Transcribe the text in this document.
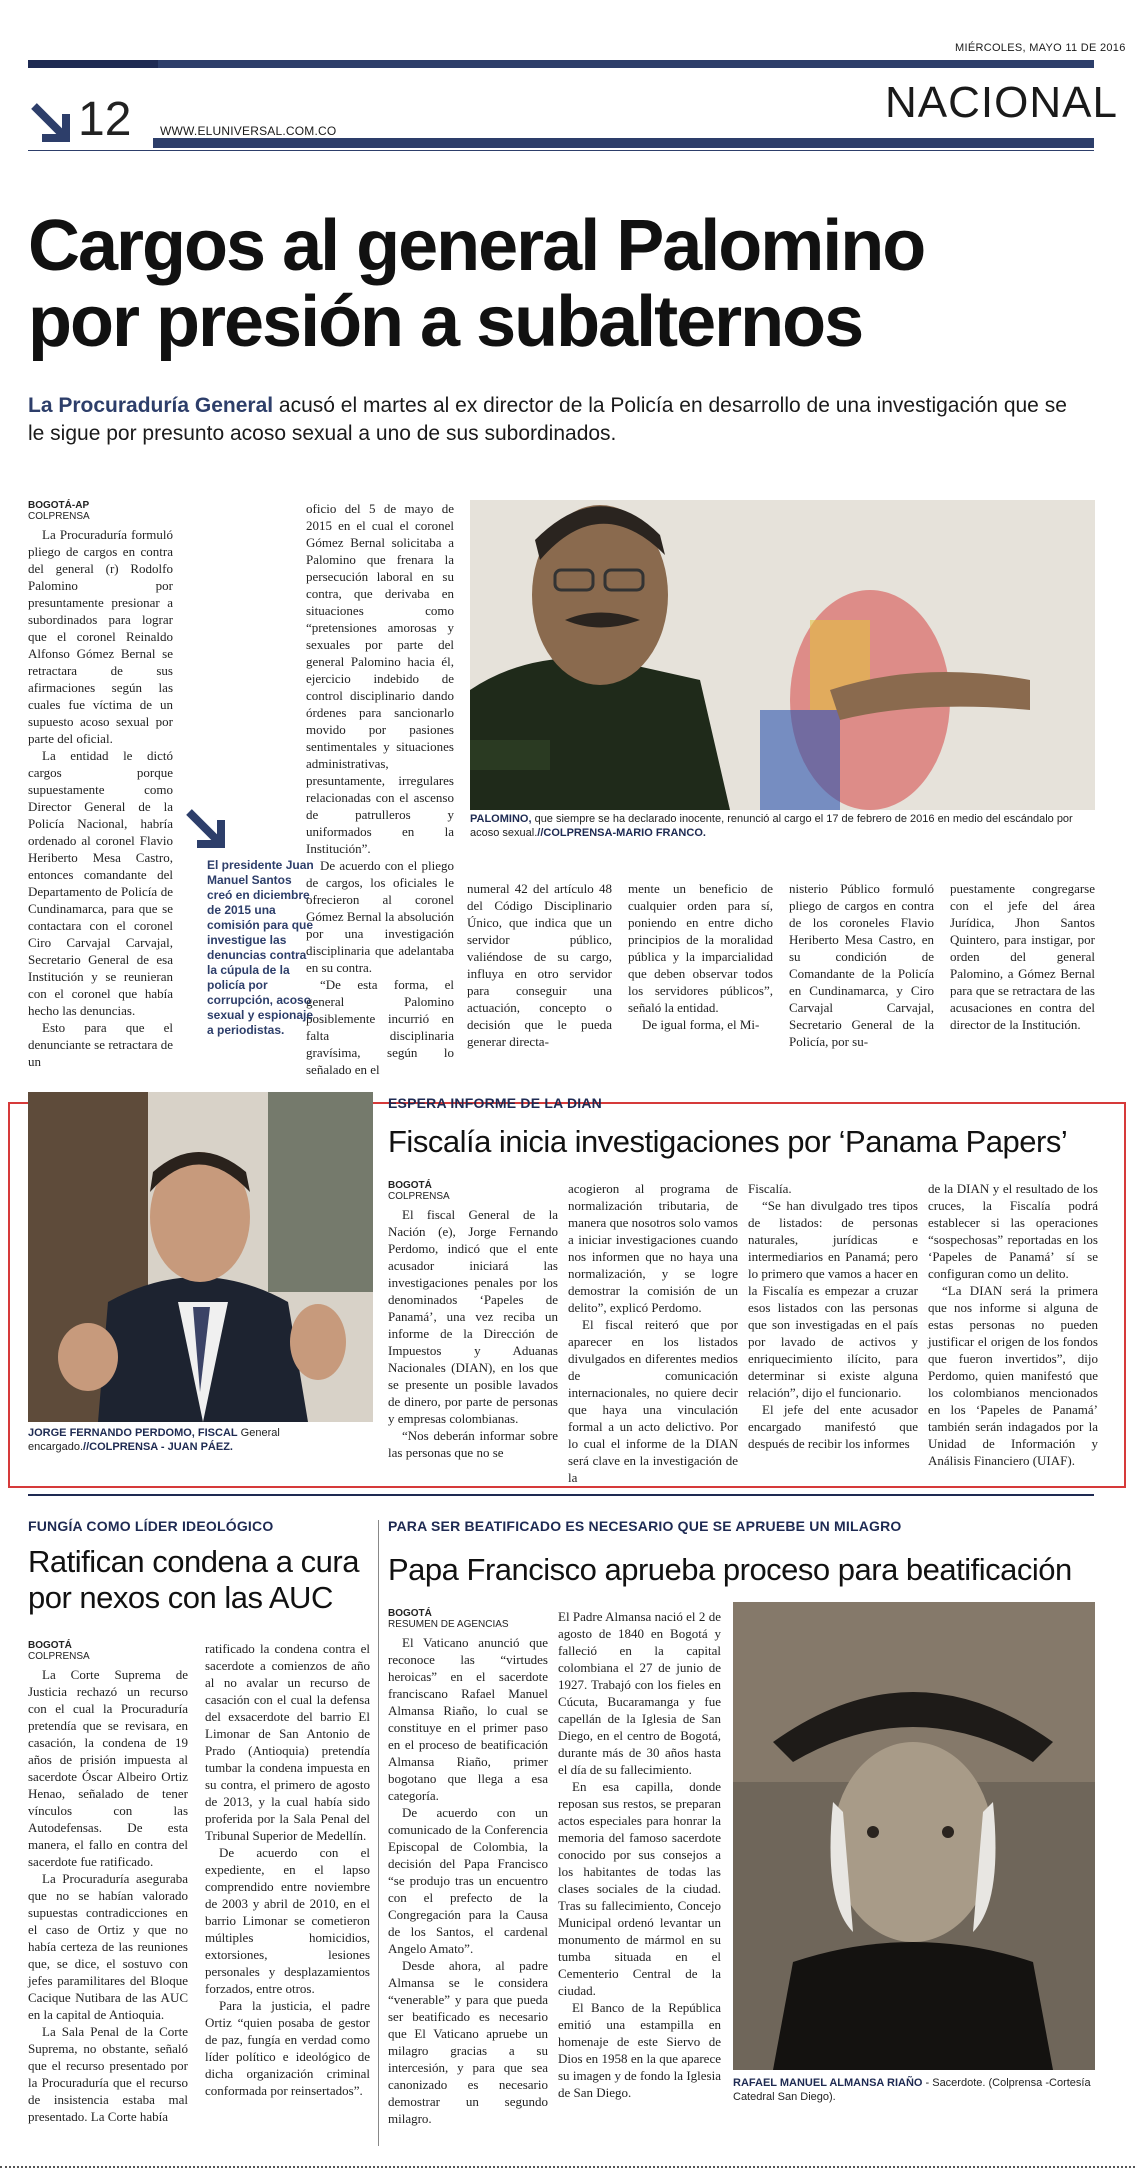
MIÉRCOLES, MAYO 11 DE 2016
12 WWW.ELUNIVERSAL.COM.CO
NACIONAL
Cargos al general Palomino por presión a subalternos
La Procuraduría General acusó el martes al ex director de la Policía en desarrollo de una investigación que se le sigue por presunto acoso sexual a uno de sus subordinados.
BOGOTÁ-AP
COLPRENSA

La Procuraduría formuló pliego de cargos en contra del general (r) Rodolfo Palomino por presuntamente presionar a subordinados para lograr que el coronel Reinaldo Alfonso Gómez Bernal se retractara de sus afirmaciones según las cuales fue víctima de un supuesto acoso sexual por parte del oficial.

La entidad le dictó cargos porque supuestamente como Director General de la Policía Nacional, habría ordenado al coronel Flavio Heriberto Mesa Castro, entonces comandante del Departamento de Policía de Cundinamarca, para que se contactara con el coronel Ciro Carvajal Carvajal, Secretario General de esa Institución y se reunieran con el coronel que había hecho las denuncias.

Esto para que el denunciante se retractara de un

oficio del 5 de mayo de 2015 en el cual el coronel Gómez Bernal solicitaba a Palomino que frenara la persecución laboral en su contra, que derivaba en situaciones como “pretensiones amorosas y sexuales por parte del general Palomino hacia él, ejercicio indebido de control disciplinario dando órdenes para sancionarlo movido por pasiones sentimentales y situaciones administrativas, presuntamente, irregulares relacionadas con el ascenso de patrulleros y uniformados en la Institución”.

De acuerdo con el pliego de cargos, los oficiales le ofrecieron al coronel Gómez Bernal la absolución por una investigación disciplinaria que adelantaba en su contra.

“De esta forma, el general Palomino posiblemente incurrió en falta disciplinaria gravísima, según lo señalado en el

El presidente Juan Manuel Santos creó en diciembre de 2015 una comisión para que investigue las denuncias contra la cúpula de la policía por corrupción, acoso sexual y espionaje a periodistas.
PALOMINO, que siempre se ha declarado inocente, renunció al cargo el 17 de febrero de 2016 en medio del escándalo por acoso sexual.//COLPRENSA-MARIO FRANCO.

numeral 42 del artículo 48 del Código Disciplinario Único, que indica que un servidor público, valiéndose de su cargo, influya en otro servidor para conseguir una actuación, concepto o decisión que le pueda generar directa-

mente un beneficio de cualquier orden para sí, poniendo en entre dicho principios de la moralidad pública y la imparcialidad que deben observar todos los servidores públicos”, señaló la entidad.

De igual forma, el Mi-

nisterio Público formuló pliego de cargos en contra de los coroneles Flavio Heriberto Mesa Castro, en su condición de Comandante de la Policía en Cundinamarca, y Ciro Carvajal Carvajal, Secretario General de la Policía, por su-

puestamente congregarse con el jefe del área Jurídica, Jhon Santos Quintero, para instigar, por orden del general Palomino, a Gómez Bernal para que se retractara de las acusaciones en contra del director de la Institución.

JORGE FERNANDO PERDOMO, FISCAL General encargado.//COLPRENSA - JUAN PÁEZ.
ESPERA INFORME DE LA DIAN
Fiscalía inicia investigaciones por ‘Panama Papers’
BOGOTÁ
COLPRENSA

El fiscal General de la Nación (e), Jorge Fernando Perdomo, indicó que el ente acusador iniciará las investigaciones penales por los denominados ‘Papeles de Panamá’, una vez reciba un informe de la Dirección de Impuestos y Aduanas Nacionales (DIAN), en los que se presente un posible lavados de dinero, por parte de personas y empresas colombianas.

“Nos deberán informar sobre las personas que no se

acogieron al programa de normalización tributaria, de manera que nosotros solo vamos a iniciar investigaciones cuando nos informen que no haya una normalización, y se logre demostrar la comisión de un delito”, explicó Perdomo.

El fiscal reiteró que por aparecer en los listados divulgados en diferentes medios de comunicación internacionales, no quiere decir que haya una vinculación formal a un acto delictivo. Por lo cual el informe de la DIAN será clave en la investigación de la

Fiscalía.

“Se han divulgado tres tipos de listados: de personas naturales, jurídicas e intermediarios en Panamá; pero lo primero que vamos a hacer en la Fiscalía es empezar a cruzar esos listados con las personas que son investigadas en el país por lavado de activos y enriquecimiento ilícito, para determinar si existe alguna relación”, dijo el funcionario.

El jefe del ente acusador encargado manifestó que después de recibir los informes

de la DIAN y el resultado de los cruces, la Fiscalía podrá establecer si las operaciones “sospechosas” reportadas en los ‘Papeles de Panamá’ sí se configuran como un delito.

“La DIAN será la primera que nos informe si alguna de estas personas no pueden justificar el origen de los fondos que fueron invertidos”, dijo Perdomo, quien manifestó que los colombianos mencionados en los ‘Papeles de Panamá’ también serán indagados por la Unidad de Información y Análisis Financiero (UIAF).

FUNGÍA COMO LÍDER IDEOLÓGICO
Ratifican condena a cura por nexos con las AUC
BOGOTÁ
COLPRENSA

La Corte Suprema de Justicia rechazó un recurso con el cual la Procuraduría pretendía que se revisara, en casación, la condena de 19 años de prisión impuesta al sacerdote Óscar Albeiro Ortiz Henao, señalado de tener vínculos con las Autodefensas. De esta manera, el fallo en contra del sacerdote fue ratificado.

La Procuraduría aseguraba que no se habían valorado supuestas contradicciones en el caso de Ortiz y que no había certeza de las reuniones que, se dice, el sostuvo con jefes paramilitares del Bloque Cacique Nutibara de las AUC en la capital de Antioquia.

La Sala Penal de la Corte Suprema, no obstante, señaló que el recurso presentado por la Procuraduría que el recurso de insistencia estaba mal presentado. La Corte había

ratificado la condena contra el sacerdote a comienzos de año al no avalar un recurso de casación con el cual la defensa del exsacerdote del barrio El Limonar de San Antonio de Prado (Antioquia) pretendía tumbar la condena impuesta en su contra, el primero de agosto de 2013, y la cual había sido proferida por la Sala Penal del Tribunal Superior de Medellín.

De acuerdo con el expediente, en el lapso comprendido entre noviembre de 2003 y abril de 2010, en el barrio Limonar se cometieron múltiples homicidios, extorsiones, lesiones personales y desplazamientos forzados, entre otros.

Para la justicia, el padre Ortiz “quien posaba de gestor de paz, fungía en verdad como líder político e ideológico de dicha organización criminal conformada por reinsertados”.

PARA SER BEATIFICADO ES NECESARIO QUE SE APRUEBE UN MILAGRO
Papa Francisco aprueba proceso para beatificación
BOGOTÁ
RESUMEN DE AGENCIAS

El Vaticano anunció que reconoce las “virtudes heroicas” en el sacerdote franciscano Rafael Manuel Almansa Riaño, lo cual se constituye en el primer paso en el proceso de beatificación Almansa Riaño, primer bogotano que llega a esa categoría.

De acuerdo con un comunicado de la Conferencia Episcopal de Colombia, la decisión del Papa Francisco “se produjo tras un encuentro con el prefecto de la Congregación para la Causa de los Santos, el cardenal Angelo Amato”.

Desde ahora, al padre Almansa se le considera “venerable” y para que pueda ser beatificado es necesario que El Vaticano apruebe un milagro gracias a su intercesión, y para que sea canonizado es necesario demostrar un segundo milagro.

El Padre Almansa nació el 2 de agosto de 1840 en Bogotá y falleció en la capital colombiana el 27 de junio de 1927. Trabajó con los fieles en Cúcuta, Bucaramanga y fue capellán de la Iglesia de San Diego, en el centro de Bogotá, durante más de 30 años hasta el día de su fallecimiento.

En esa capilla, donde reposan sus restos, se preparan actos especiales para honrar la memoria del famoso sacerdote conocido por sus consejos a los habitantes de todas las clases sociales de la ciudad. Tras su fallecimiento, Concejo Municipal ordenó levantar un monumento de mármol en su tumba situada en el Cementerio Central de la ciudad.

El Banco de la República emitió una estampilla en homenaje de este Siervo de Dios en 1958 en la que aparece su imagen y de fondo la Iglesia de San Diego.

RAFAEL MANUEL ALMANSA RIAÑO - Sacerdote. (Colprensa -Cortesía Catedral San Diego).
